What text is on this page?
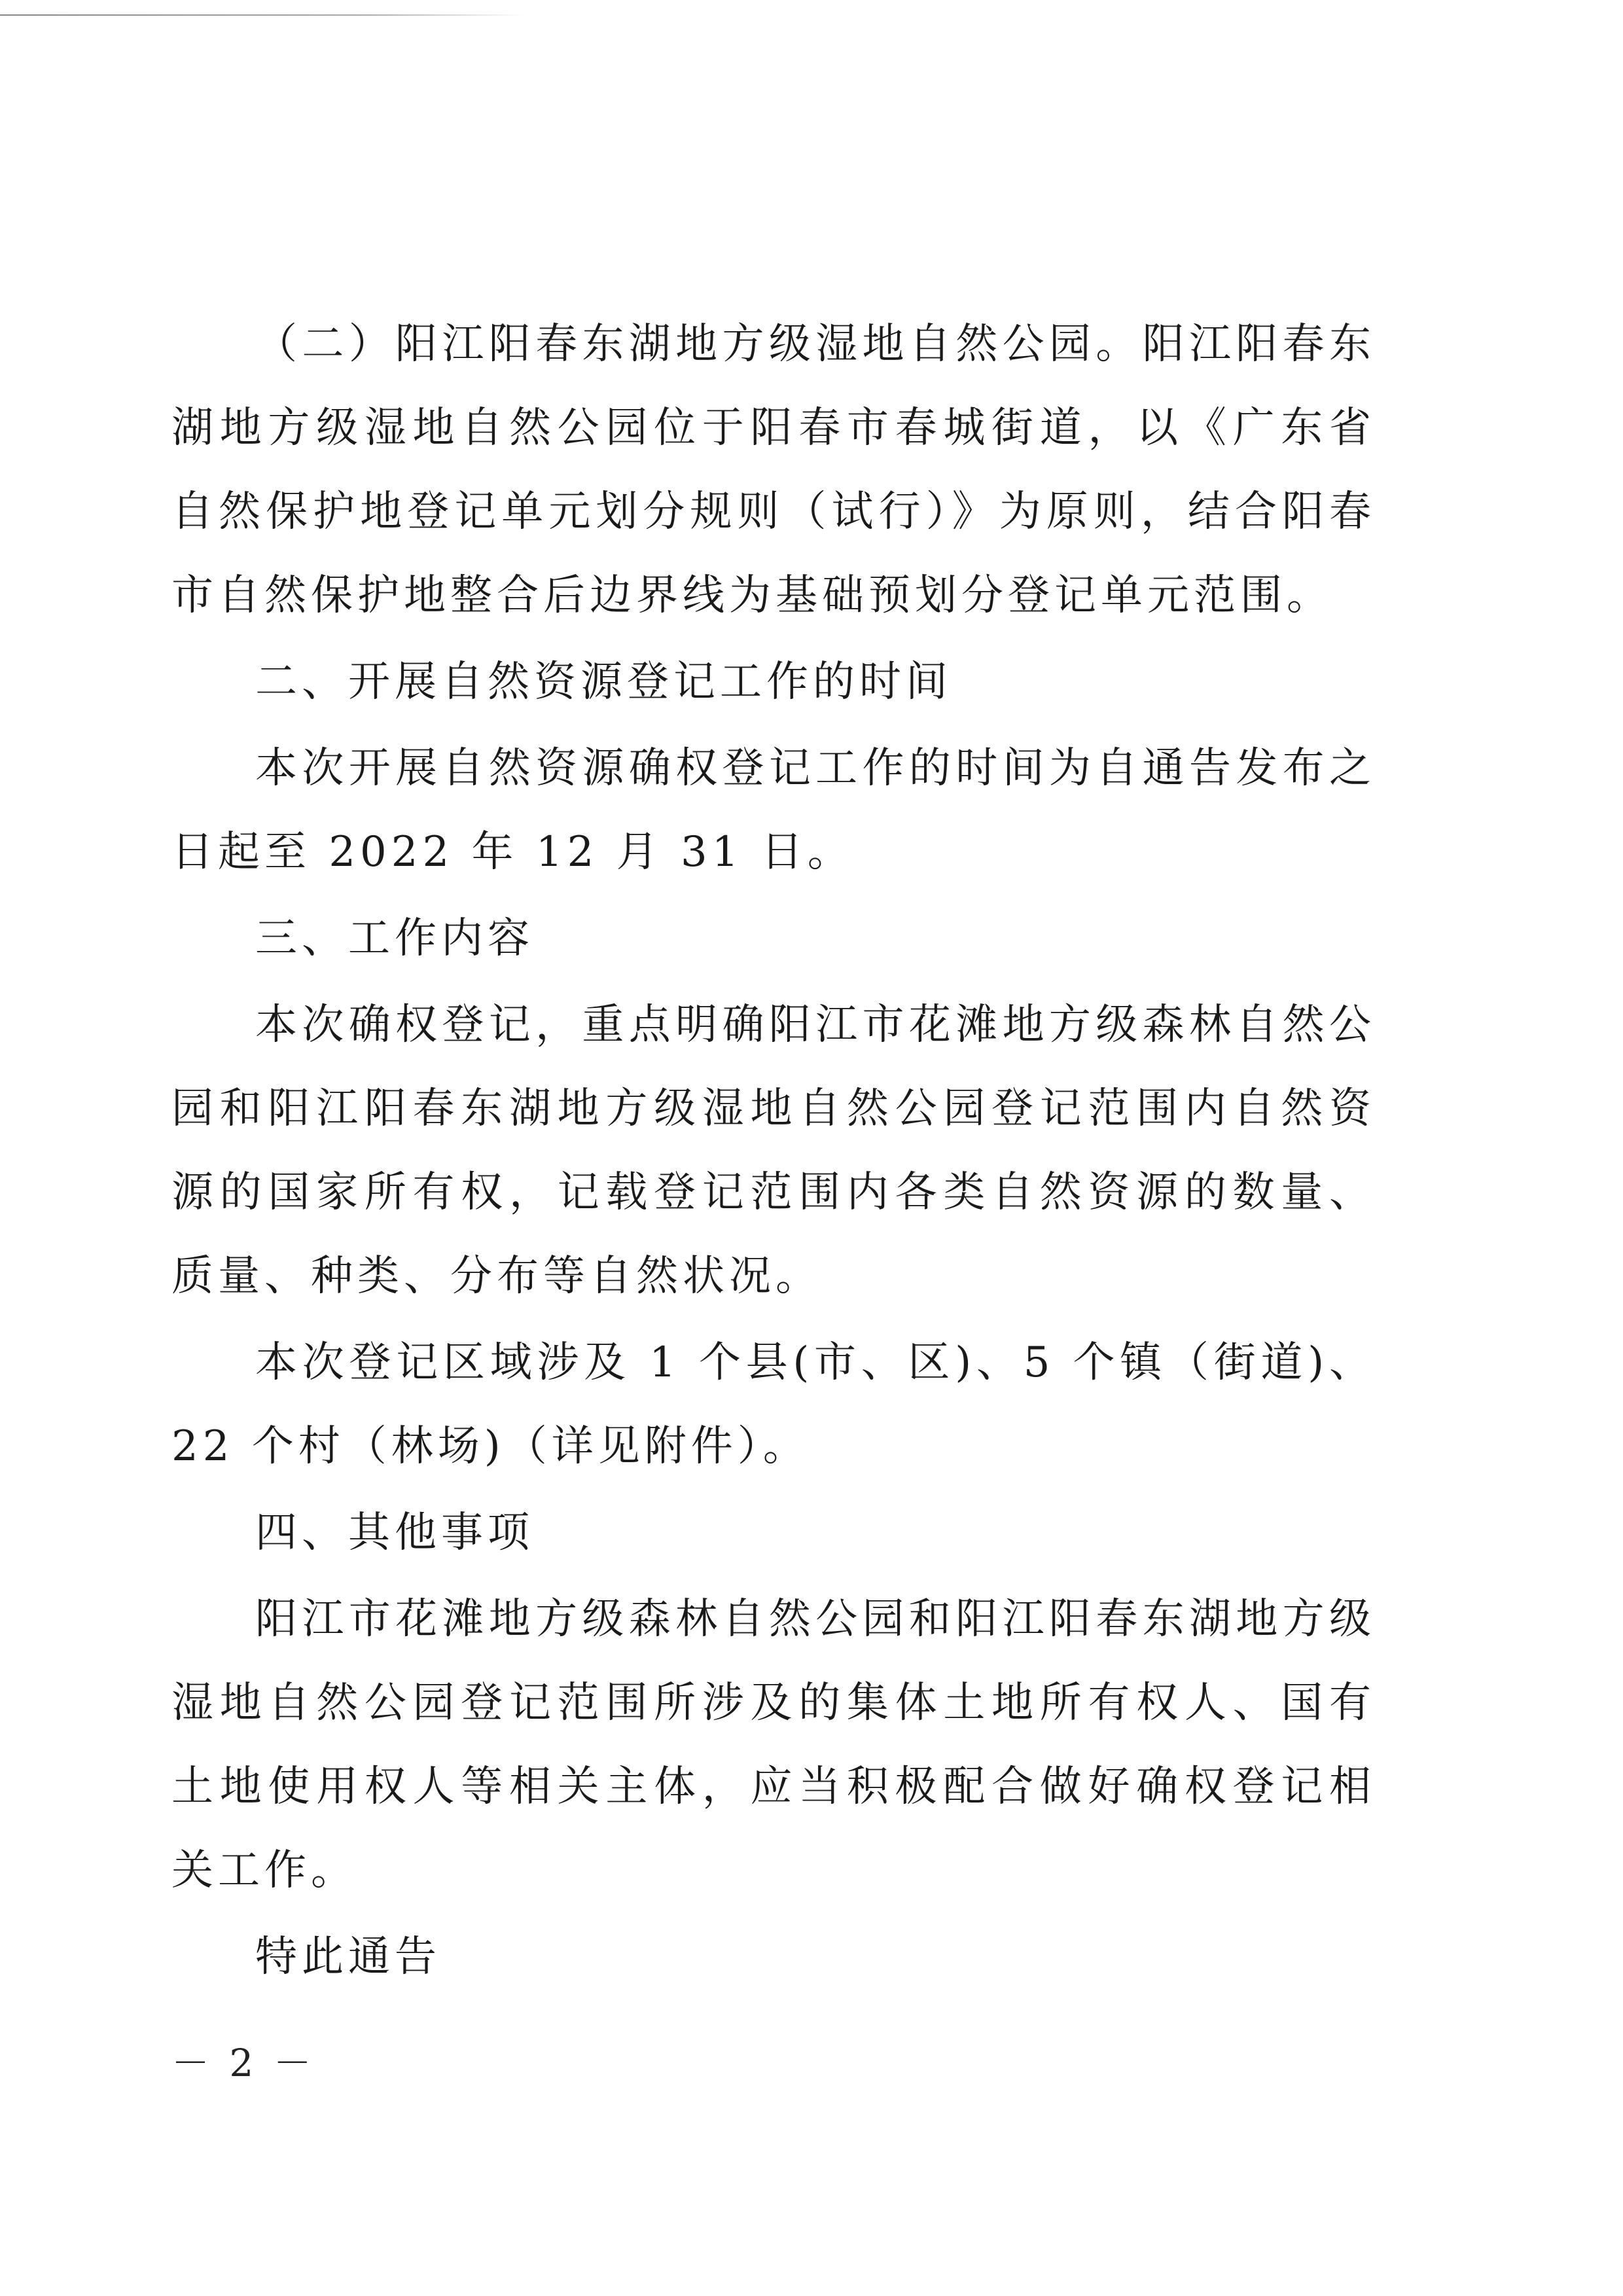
（二）阳江阳春东湖地方级湿地自然公园。阳江阳春东湖地方级湿地自然公园位于阳春市春城街道，以《广东省自然保护地登记单元划分规则（试行）》为原则，结合阳春市自然保护地整合后边界线为基础预划分登记单元范围。

二、开展自然资源登记工作的时间

本次开展自然资源确权登记工作的时间为自通告发布之日起至 2022 年 12 月 31 日。

三、工作内容

本次确权登记，重点明确阳江市花滩地方级森林自然公园和阳江阳春东湖地方级湿地自然公园登记范围内自然资源的国家所有权，记载登记范围内各类自然资源的数量、质量、种类、分布等自然状况。

本次登记区域涉及 1 个县(市、区)、5 个镇（街道)、22 个村（林场)（详见附件）。

四、其他事项

阳江市花滩地方级森林自然公园和阳江阳春东湖地方级湿地自然公园登记范围所涉及的集体土地所有权人、国有土地使用权人等相关主体，应当积极配合做好确权登记相关工作。

特此通告

－ 2 －
